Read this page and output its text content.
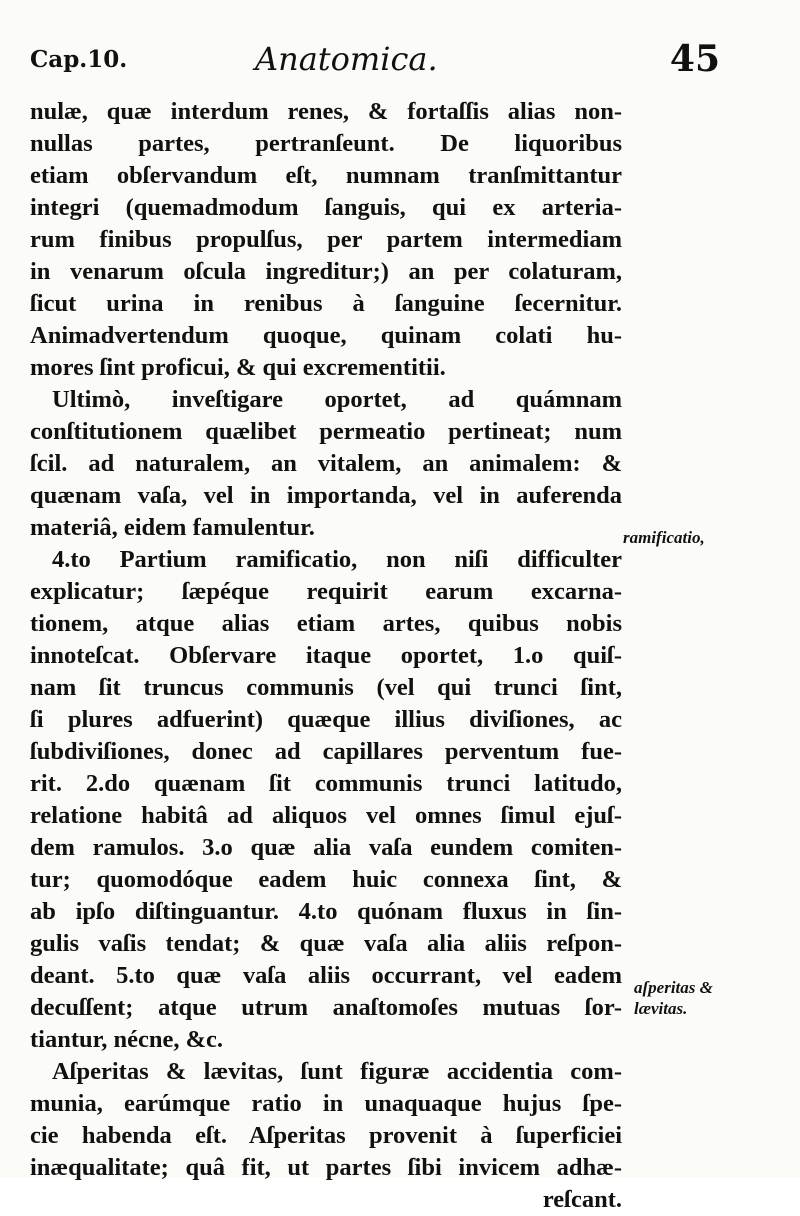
Cap.10.	Anatomica.	45
nulæ, quæ interdum renes, & fortaſſis alias non-
nullas partes, pertranſeunt. De liquoribus
etiam obſervandum eſt, numnam tranſmittantur
integri (quemadmodum ſanguis, qui ex arteria-
rum finibus propulſus, per partem intermediam
in venarum oſcula ingreditur;) an per colaturam,
ſicut urina in renibus à ſanguine ſecernitur.
Animadvertendum quoque, quinam colati hu-
mores ſint proficui, & qui excrementitii.
Ultimò, inveſtigare oportet, ad quámnam
conſtitutionem quælibet permeatio pertineat; num
ſcil. ad naturalem, an vitalem, an animalem: &
quænam vaſa, vel in importanda, vel in auferenda
materiâ, eidem famulentur.
4.to Partium ramificatio, non niſi difficulter
explicatur; ſæpéque requirit earum excarna-
tionem, atque alias etiam artes, quibus nobis
innoteſcat. Obſervare itaque oportet, 1.o quiſ-
nam ſit truncus communis (vel qui trunci ſint,
ſi plures adfuerint) quæque illius diviſiones, ac
ſubdiviſiones, donec ad capillares perventum fue-
rit. 2.do quænam ſit communis trunci latitudo,
relatione habitâ ad aliquos vel omnes ſimul ejuſ-
dem ramulos. 3.o quæ alia vaſa eundem comiten-
tur; quomodóque eadem huic connexa ſint, &
ab ipſo diſtinguantur. 4.to quónam fluxus in ſin-
gulis vaſis tendat; & quæ vaſa alia aliis reſpon-
deant. 5.to quæ vaſa aliis occurrant, vel eadem
decuſſent; atque utrum anaſtomoſes mutuas ſor-
tiantur, nécne, &c.
Aſperitas & lævitas, ſunt figuræ accidentia com-
munia, earúmque ratio in unaquaque hujus ſpe-
cie habenda eſt. Aſperitas provenit à ſuperficiei
inæqualitate; quâ fit, ut partes ſibi invicem adhæ-
reſcant.
ramificatio,
aſperitas &
lævitas.
